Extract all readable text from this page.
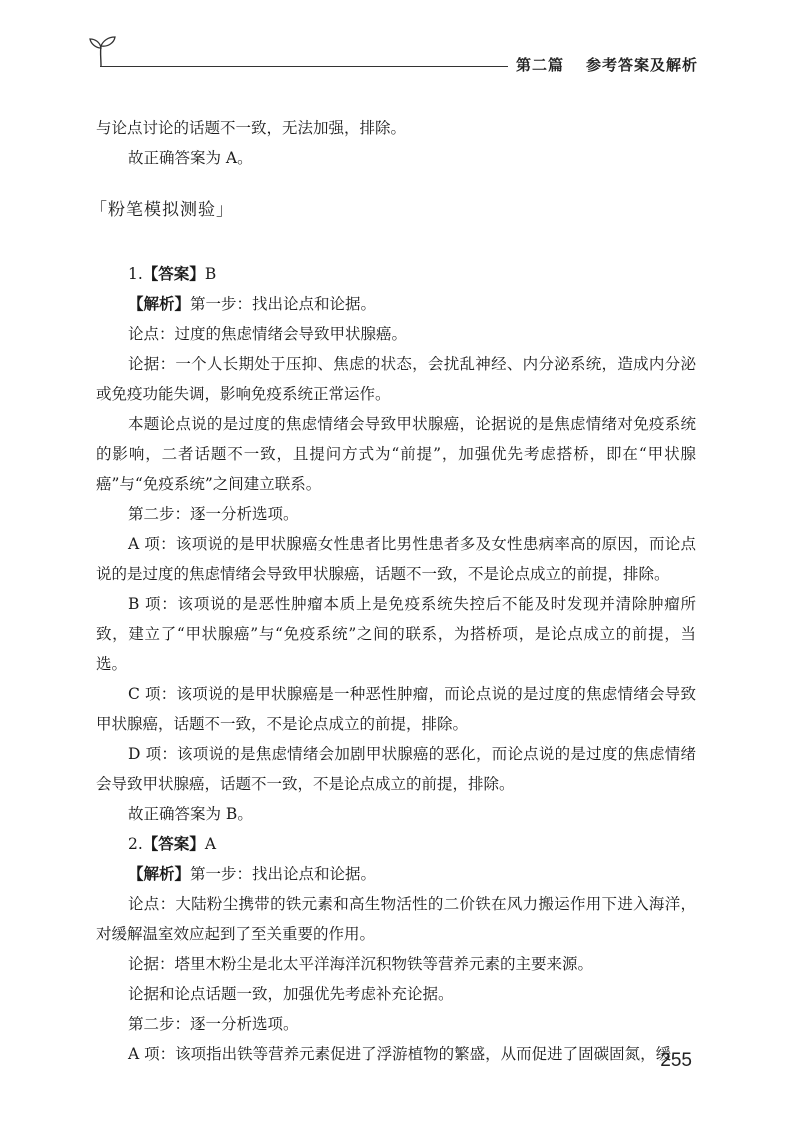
第二篇 参考答案及解析

与论点讨论的话题不一致，无法加强，排除。

故正确答案为 A。

「粉笔模拟测验」

1.【答案】B

【解析】第一步：找出论点和论据。

论点：过度的焦虑情绪会导致甲状腺癌。

论据：一个人长期处于压抑、焦虑的状态，会扰乱神经、内分泌系统，造成内分泌或免疫功能失调，影响免疫系统正常运作。

本题论点说的是过度的焦虑情绪会导致甲状腺癌，论据说的是焦虑情绪对免疫系统的影响，二者话题不一致，且提问方式为“前提”，加强优先考虑搭桥，即在“甲状腺癌”与“免疫系统”之间建立联系。

第二步：逐一分析选项。

A 项：该项说的是甲状腺癌女性患者比男性患者多及女性患病率高的原因，而论点说的是过度的焦虑情绪会导致甲状腺癌，话题不一致，不是论点成立的前提，排除。

B 项：该项说的是恶性肿瘤本质上是免疫系统失控后不能及时发现并清除肿瘤所致，建立了“甲状腺癌”与“免疫系统”之间的联系，为搭桥项，是论点成立的前提，当选。

C 项：该项说的是甲状腺癌是一种恶性肿瘤，而论点说的是过度的焦虑情绪会导致甲状腺癌，话题不一致，不是论点成立的前提，排除。

D 项：该项说的是焦虑情绪会加剧甲状腺癌的恶化，而论点说的是过度的焦虑情绪会导致甲状腺癌，话题不一致，不是论点成立的前提，排除。

故正确答案为 B。

2.【答案】A

【解析】第一步：找出论点和论据。

论点：大陆粉尘携带的铁元素和高生物活性的二价铁在风力搬运作用下进入海洋，对缓解温室效应起到了至关重要的作用。

论据：塔里木粉尘是北太平洋海洋沉积物铁等营养元素的主要来源。

论据和论点话题一致，加强优先考虑补充论据。

第二步：逐一分析选项。

A 项：该项指出铁等营养元素促进了浮游植物的繁盛，从而促进了固碳固氮，缓

255
